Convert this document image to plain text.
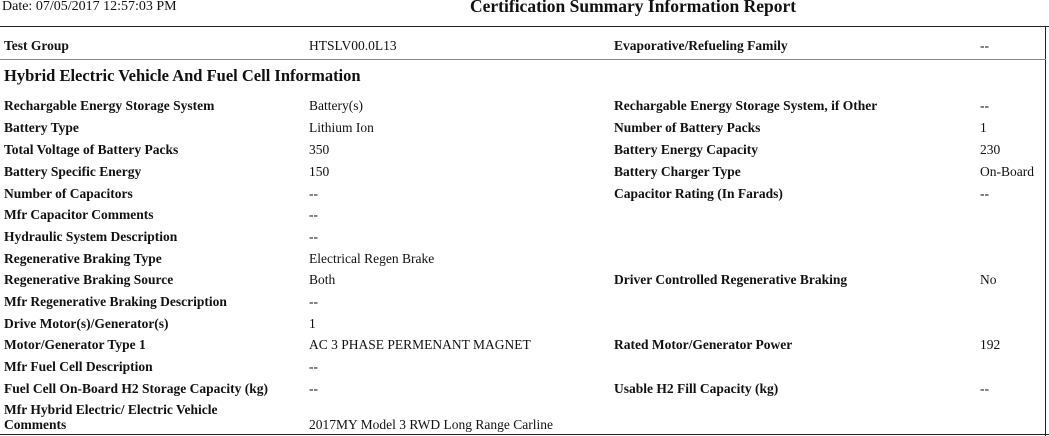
Date: 07/05/2017 12:57:03 PM	Certification Summary Information Report
Test Group	HTSLV00.0L13	Evaporative/Refueling Family	--
Hybrid Electric Vehicle And Fuel Cell Information
Rechargable Energy Storage System	Battery(s)	Rechargable Energy Storage System, if Other	--
Battery Type	Lithium Ion	Number of Battery Packs	1
Total Voltage of Battery Packs	350	Battery Energy Capacity	230
Battery Specific Energy	150	Battery Charger Type	On-Board
Number of Capacitors	--	Capacitor Rating (In Farads)	--
Mfr Capacitor Comments	--
Hydraulic System Description	--
Regenerative Braking Type	Electrical Regen Brake
Regenerative Braking Source	Both	Driver Controlled Regenerative Braking	No
Mfr Regenerative Braking Description	--
Drive Motor(s)/Generator(s)	1
Motor/Generator Type 1	AC 3 PHASE PERMENANT MAGNET	Rated Motor/Generator Power	192
Mfr Fuel Cell Description	--
Fuel Cell On-Board H2 Storage Capacity (kg)	--	Usable H2 Fill Capacity (kg)	--
Mfr Hybrid Electric/ Electric Vehicle
Comments	2017MY Model 3 RWD Long Range Carline
